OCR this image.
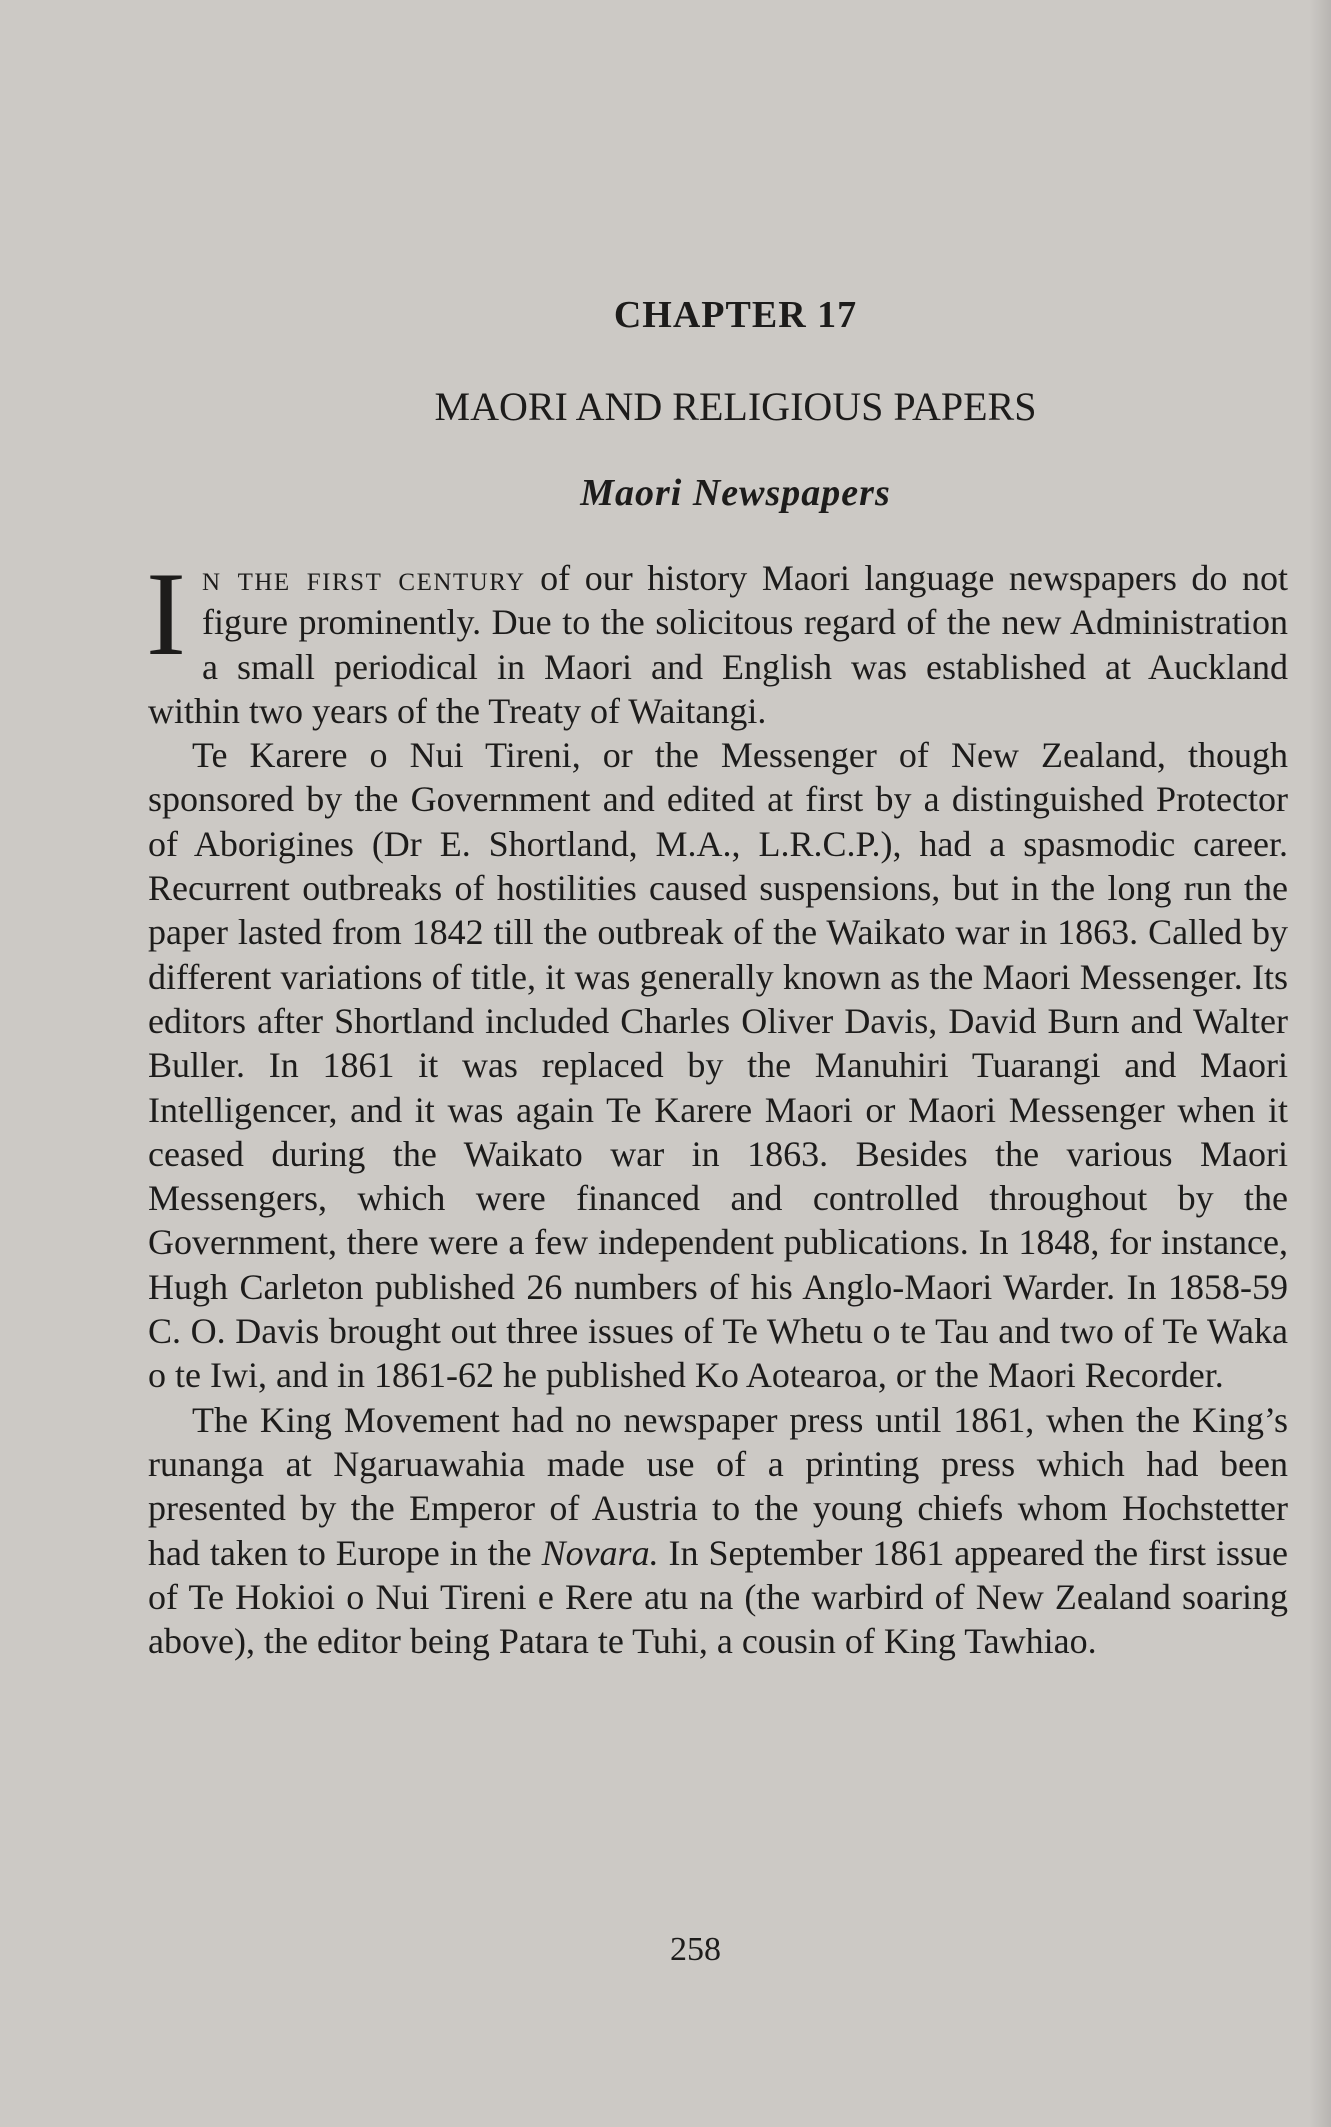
CHAPTER 17
MAORI AND RELIGIOUS PAPERS
Maori Newspapers

In the first century of our history Maori language newspapers do not figure prominently. Due to the solicitous regard of the new Administration a small periodical in Maori and English was established at Auckland within two years of the Treaty of Waitangi.

Te Karere o Nui Tireni, or the Messenger of New Zealand, though sponsored by the Government and edited at first by a distinguished Protector of Aborigines (Dr E. Shortland, M.A., L.R.C.P.), had a spasmodic career. Recurrent outbreaks of hostilities caused suspensions, but in the long run the paper lasted from 1842 till the outbreak of the Waikato war in 1863. Called by different variations of title, it was generally known as the Maori Messenger. Its editors after Shortland included Charles Oliver Davis, David Burn and Walter Buller. In 1861 it was replaced by the Manuhiri Tuarangi and Maori Intelligencer, and it was again Te Karere Maori or Maori Messenger when it ceased during the Waikato war in 1863. Besides the various Maori Messengers, which were financed and controlled throughout by the Government, there were a few independent publications. In 1848, for instance, Hugh Carleton published 26 numbers of his Anglo-Maori Warder. In 1858-59 C. O. Davis brought out three issues of Te Whetu o te Tau and two of Te Waka o te Iwi, and in 1861-62 he published Ko Aotearoa, or the Maori Recorder.

The King Movement had no newspaper press until 1861, when the King’s runanga at Ngaruawahia made use of a printing press which had been presented by the Emperor of Austria to the young chiefs whom Hochstetter had taken to Europe in the Novara. In September 1861 appeared the first issue of Te Hokioi o Nui Tireni e Rere atu na (the warbird of New Zealand soaring above), the editor being Patara te Tuhi, a cousin of King Tawhiao.

258
